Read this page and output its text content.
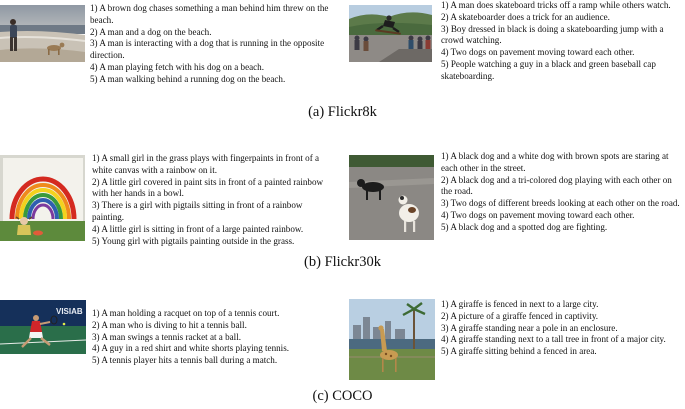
1) A brown dog chases something a man behind him threw on the beach.
2) A man and a dog on the beach.
3) A man is interacting with a dog that is running in the opposite direction.
4) A man playing fetch with his dog on a beach.
5) A man walking behind a running dog on the beach.
1) A man does skateboard tricks off a ramp while others watch.
2) A skateboarder does a trick for an audience.
3) Boy dressed in black is doing a skateboarding jump with a crowd watching.
4) Two dogs on pavement moving toward each other.
5) People watching a guy in a black and green baseball cap skateboarding.
(a) Flickr8k
1) A small girl in the grass plays with fingerpaints in front of a white canvas with a rainbow on it.
2) A little girl covered in paint sits in front of a painted rainbow with her hands in a bowl.
3) There is a girl with pigtails sitting in front of a rainbow painting.
4) A little girl is sitting in front of a large painted rainbow.
5) Young girl with pigtails painting outside in the grass.
1) A black dog and a white dog with brown spots are staring at each other in the street.
2) A black dog and a tri-colored dog playing with each other on the road.
3) Two dogs of different breeds looking at each other on the road.
4) Two dogs on pavement moving toward each other.
5) A black dog and a spotted dog are fighting.
(b) Flickr30k
VISIAB 1) A man holding a racquet on top of a tennis court.
2) A man who is diving to hit a tennis ball.
3) A man swings a tennis racket at a ball.
4) A guy in a red shirt and white shorts playing tennis.
5) A tennis player hits a tennis ball during a match.
1) A giraffe is fenced in next to a large city.
2) A picture of a giraffe fenced in captivity.
3) A giraffe standing near a pole in an enclosure.
4) A giraffe standing next to a tall tree in front of a major city.
5) A giraffe sitting behind a fenced in area.
(c) COCO
